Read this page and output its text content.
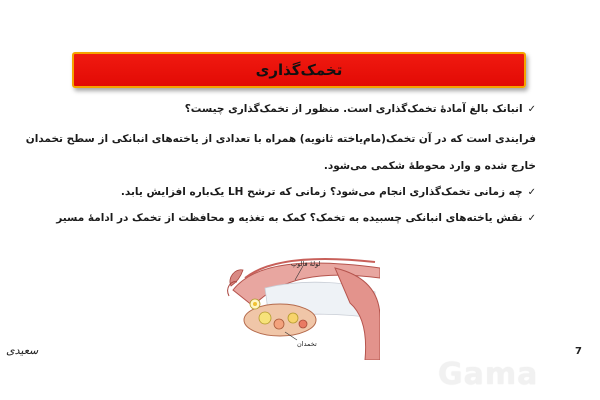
تخمک‌گذاری
✓انبانک بالغ آمادهٔ تخمک‌گذاری است. منظور از تخمک‌گذاری چیست؟
فرایندی است که در آن تخمک(مام‌یاخته ثانویه) همراه با تعدادی از یاخته‌های انبانکی از سطح تخمدان
خارج شده و وارد محوطهٔ شکمی می‌شود.
✓چه زمانی تخمک‌گذاری انجام می‌شود؟ زمانی که ترشح LH یک‌باره افزایش یابد.
✓نقش یاخته‌های انبانکی چسبیده به تخمک؟ کمک به تغذیه و محافظت از تخمک در ادامهٔ مسیر
لولهٔ فالوپ
تخمدان
سعیدی	7
Gama
